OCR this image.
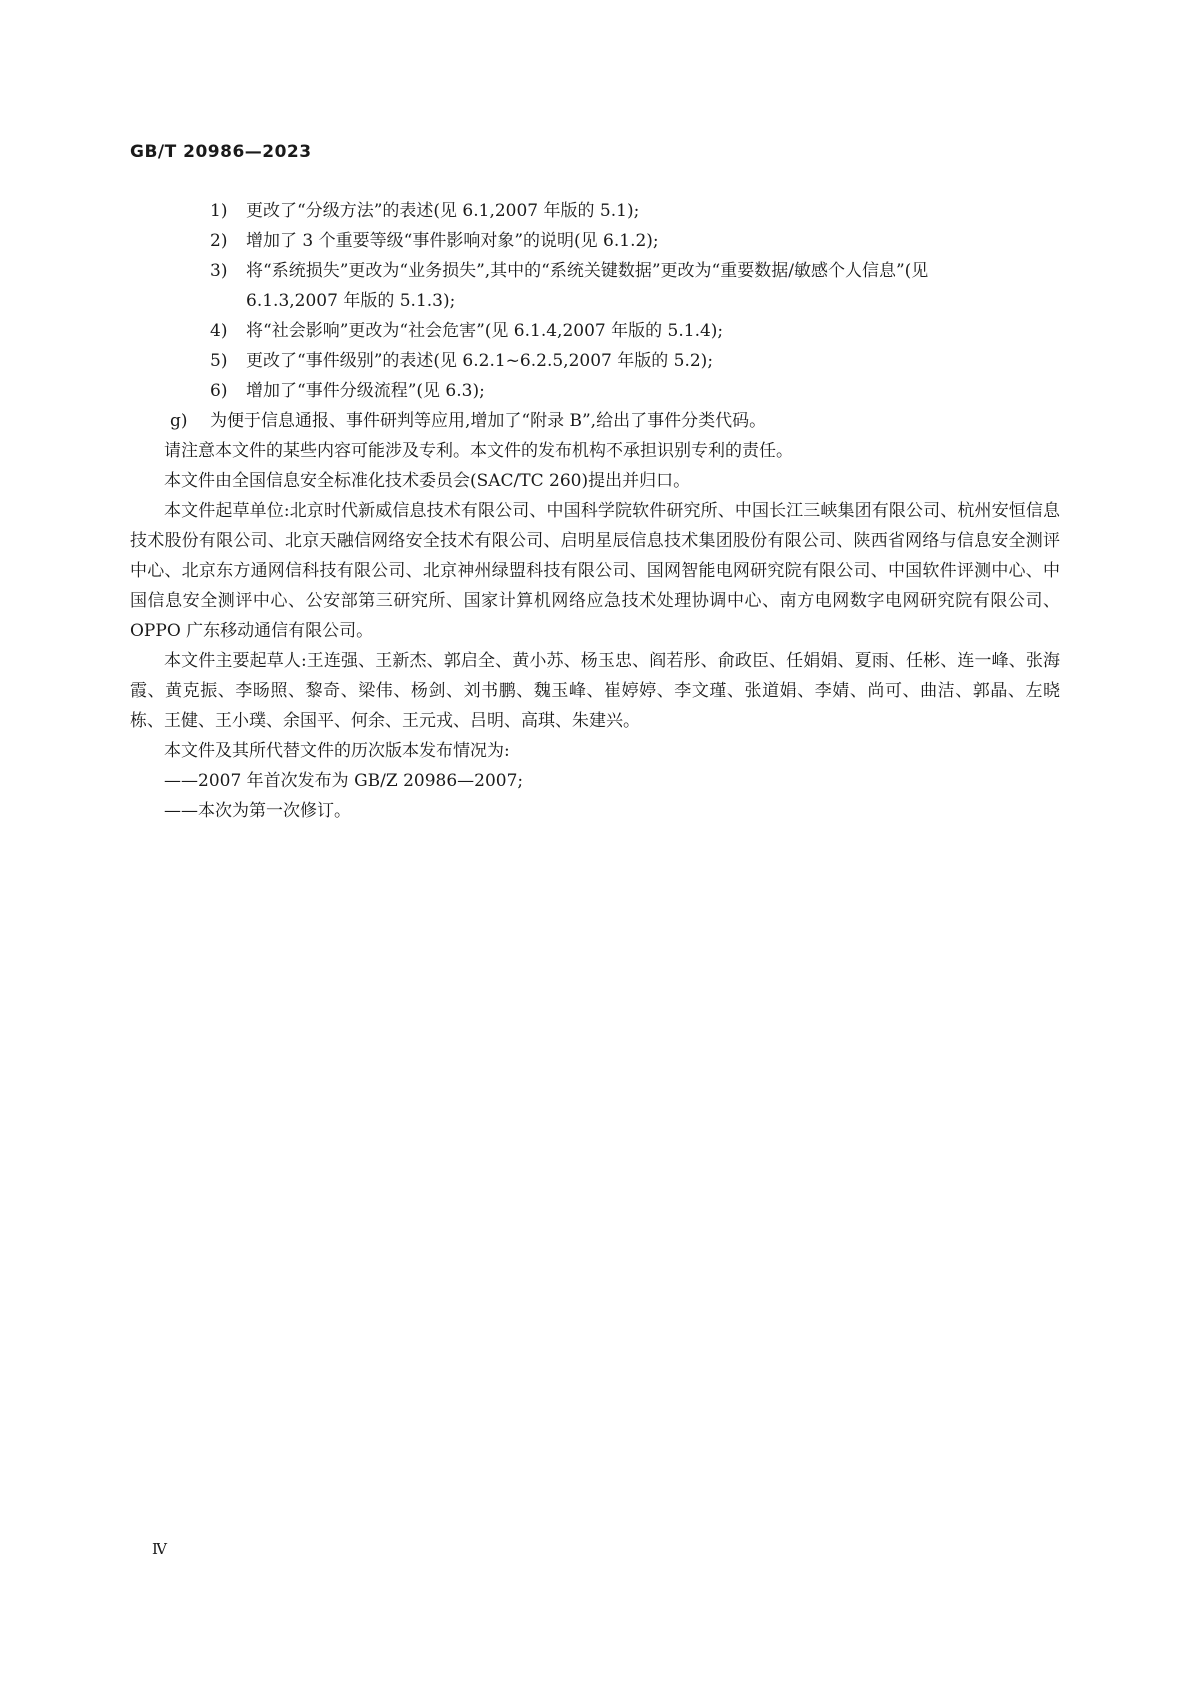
GB/T 20986—2023
1)	更改了“分级方法”的表述(见 6.1,2007 年版的 5.1);
2)	增加了 3 个重要等级“事件影响对象”的说明(见 6.1.2);
3)	将“系统损失”更改为“业务损失”,其中的“系统关键数据”更改为“重要数据/敏感个人信息”(见 6.1.3,2007 年版的 5.1.3);
4)	将“社会影响”更改为“社会危害”(见 6.1.4,2007 年版的 5.1.4);
5)	更改了“事件级别”的表述(见 6.2.1~6.2.5,2007 年版的 5.2);
6)	增加了“事件分级流程”(见 6.3);
g)	为便于信息通报、事件研判等应用,增加了“附录 B”,给出了事件分类代码。
请注意本文件的某些内容可能涉及专利。本文件的发布机构不承担识别专利的责任。
本文件由全国信息安全标准化技术委员会(SAC/TC 260)提出并归口。
本文件起草单位:北京时代新威信息技术有限公司、中国科学院软件研究所、中国长江三峡集团有限公司、杭州安恒信息技术股份有限公司、北京天融信网络安全技术有限公司、启明星辰信息技术集团股份有限公司、陕西省网络与信息安全测评中心、北京东方通网信科技有限公司、北京神州绿盟科技有限公司、国网智能电网研究院有限公司、中国软件评测中心、中国信息安全测评中心、公安部第三研究所、国家计算机网络应急技术处理协调中心、南方电网数字电网研究院有限公司、OPPO 广东移动通信有限公司。
本文件主要起草人:王连强、王新杰、郭启全、黄小苏、杨玉忠、阎若彤、俞政臣、任娟娟、夏雨、任彬、连一峰、张海霞、黄克振、李旸照、黎奇、梁伟、杨剑、刘书鹏、魏玉峰、崔婷婷、李文瑾、张道娟、李婧、尚可、曲洁、郭晶、左晓栋、王健、王小璞、余国平、何余、王元戎、吕明、高琪、朱建兴。
本文件及其所代替文件的历次版本发布情况为:
——2007 年首次发布为 GB/Z 20986—2007;
——本次为第一次修订。
Ⅳ
